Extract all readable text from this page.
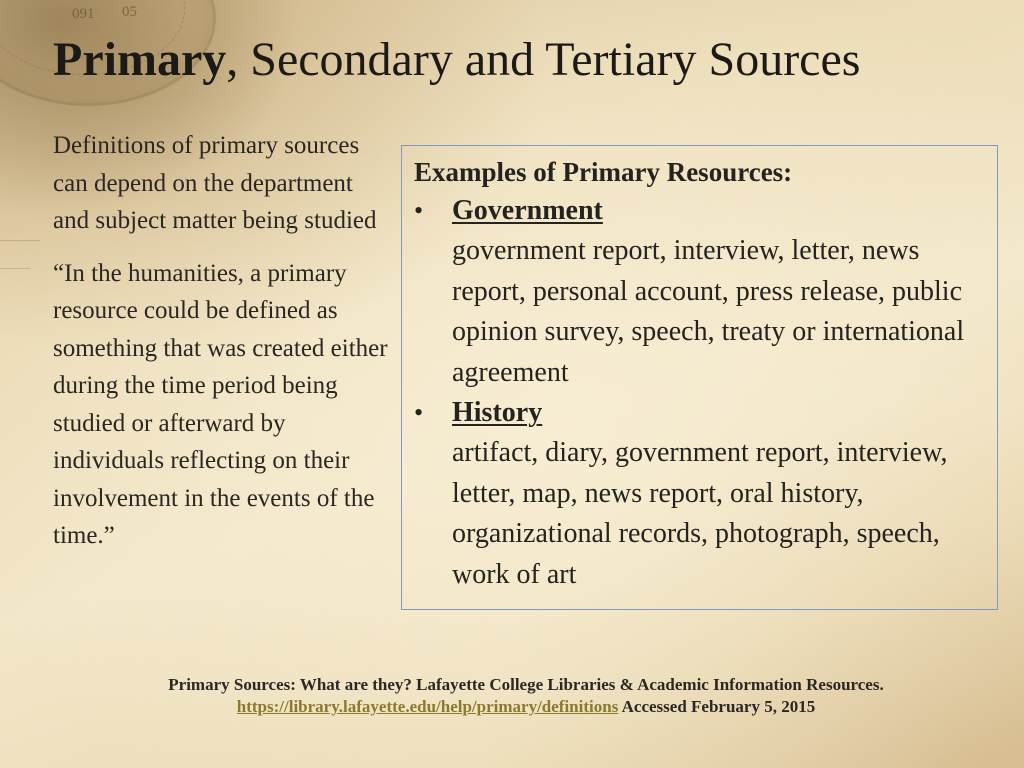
091 05
Primary, Secondary and Tertiary Sources

Definitions of primary sources can depend on the department and subject matter being studied

“In the humanities, a primary resource could be defined as something that was created either during the time period being studied or afterward by individuals reflecting on their involvement in the events of the time.”

Examples of Primary Resources:

• Government
government report, interview, letter, news report, personal account, press release, public opinion survey, speech, treaty or international agreement
• History
artifact, diary, government report, interview, letter, map, news report, oral history, organizational records, photograph, speech, work of art
Primary Sources: What are they? Lafayette College Libraries & Academic Information Resources.
https://library.lafayette.edu/help/primary/definitions Accessed February 5, 2015
